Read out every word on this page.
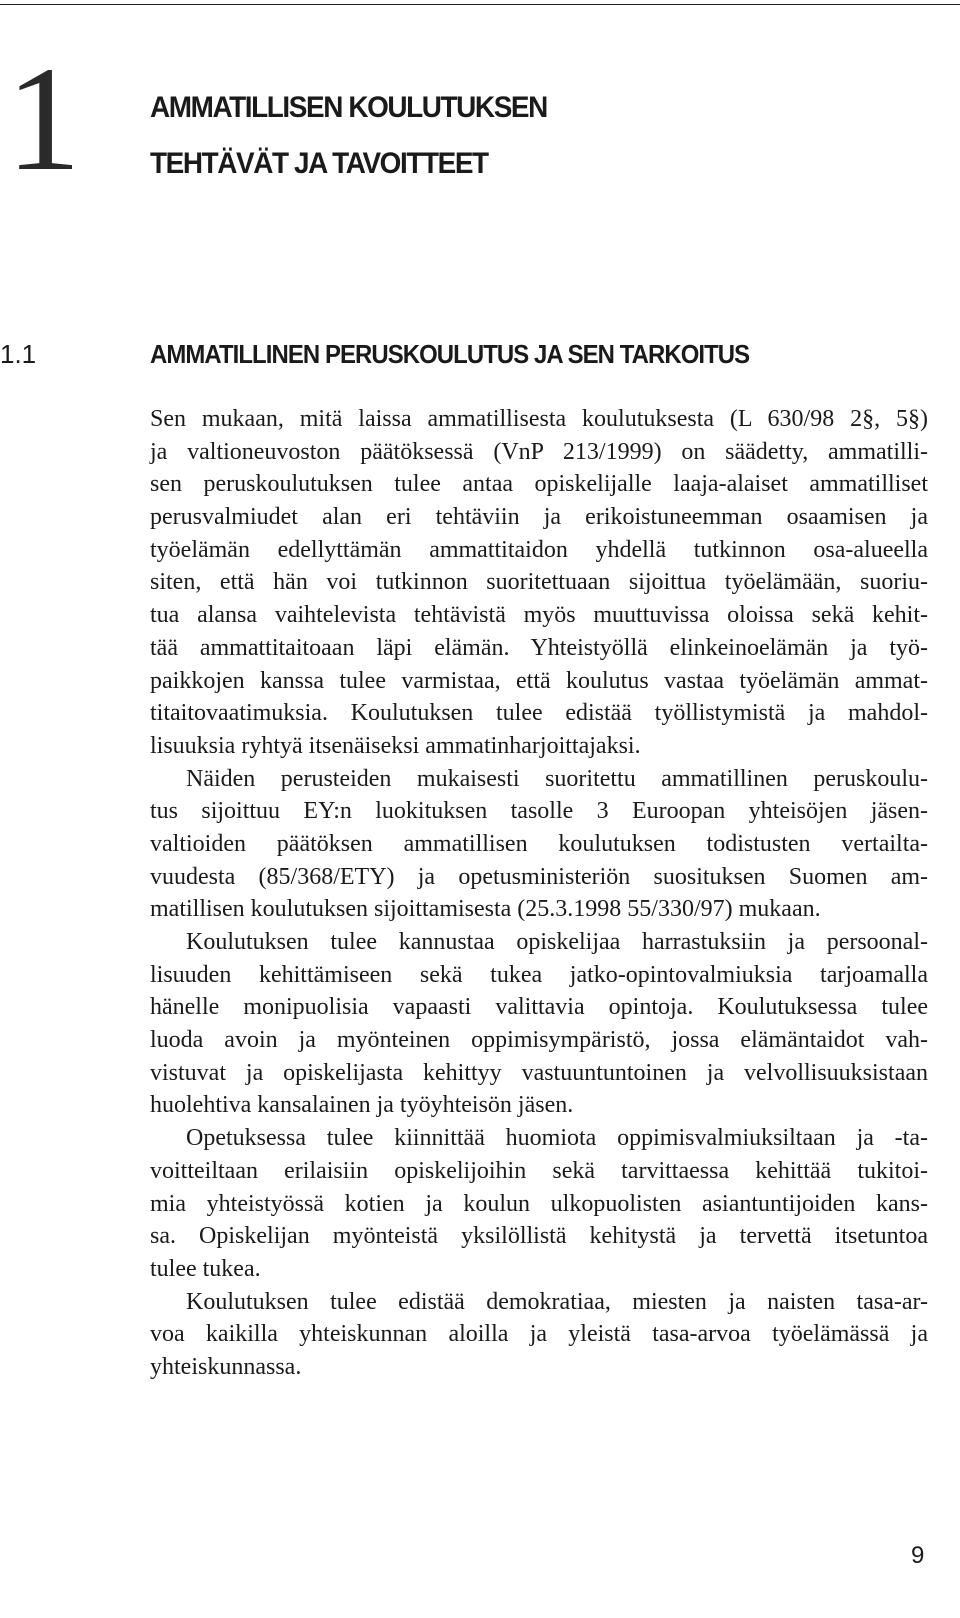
1 AMMATILLISEN KOULUTUKSEN
TEHTÄVÄT JA TAVOITTEET
1.1	AMMATILLINEN PERUSKOULUTUS JA SEN TARKOITUS
Sen mukaan, mitä laissa ammatillisesta koulutuksesta (L 630/98 2§, 5§)
ja valtioneuvoston päätöksessä (VnP 213/1999) on säädetty, ammatilli-
sen peruskoulutuksen tulee antaa opiskelijalle laaja-alaiset ammatilliset
perusvalmiudet alan eri tehtäviin ja erikoistuneemman osaamisen ja
työelämän edellyttämän ammattitaidon yhdellä tutkinnon osa-alueella
siten, että hän voi tutkinnon suoritettuaan sijoittua työelämään, suoriu-
tua alansa vaihtelevista tehtävistä myös muuttuvissa oloissa sekä kehit-
tää ammattitaitoaan läpi elämän. Yhteistyöllä elinkeinoelämän ja työ-
paikkojen kanssa tulee varmistaa, että koulutus vastaa työelämän ammat-
titaitovaatimuksia. Koulutuksen tulee edistää työllistymistä ja mahdol-
lisuuksia ryhtyä itsenäiseksi ammatinharjoittajaksi.
Näiden perusteiden mukaisesti suoritettu ammatillinen peruskoulu-
tus sijoittuu EY:n luokituksen tasolle 3 Euroopan yhteisöjen jäsen-
valtioiden päätöksen ammatillisen koulutuksen todistusten vertailta-
vuudesta (85/368/ETY) ja opetusministeriön suosituksen Suomen am-
matillisen koulutuksen sijoittamisesta (25.3.1998 55/330/97) mukaan.
Koulutuksen tulee kannustaa opiskelijaa harrastuksiin ja persoonal-
lisuuden kehittämiseen sekä tukea jatko-opintovalmiuksia tarjoamalla
hänelle monipuolisia vapaasti valittavia opintoja. Koulutuksessa tulee
luoda avoin ja myönteinen oppimisympäristö, jossa elämäntaidot vah-
vistuvat ja opiskelijasta kehittyy vastuuntuntoinen ja velvollisuuksistaan
huolehtiva kansalainen ja työyhteisön jäsen.
Opetuksessa tulee kiinnittää huomiota oppimisvalmiuksiltaan ja -ta-
voitteiltaan erilaisiin opiskelijoihin sekä tarvittaessa kehittää tukitoi-
mia yhteistyössä kotien ja koulun ulkopuolisten asiantuntijoiden kans-
sa. Opiskelijan myönteistä yksilöllistä kehitystä ja tervettä itsetuntoa
tulee tukea.
Koulutuksen tulee edistää demokratiaa, miesten ja naisten tasa-ar-
voa kaikilla yhteiskunnan aloilla ja yleistä tasa-arvoa työelämässä ja
yhteiskunnassa.
9
